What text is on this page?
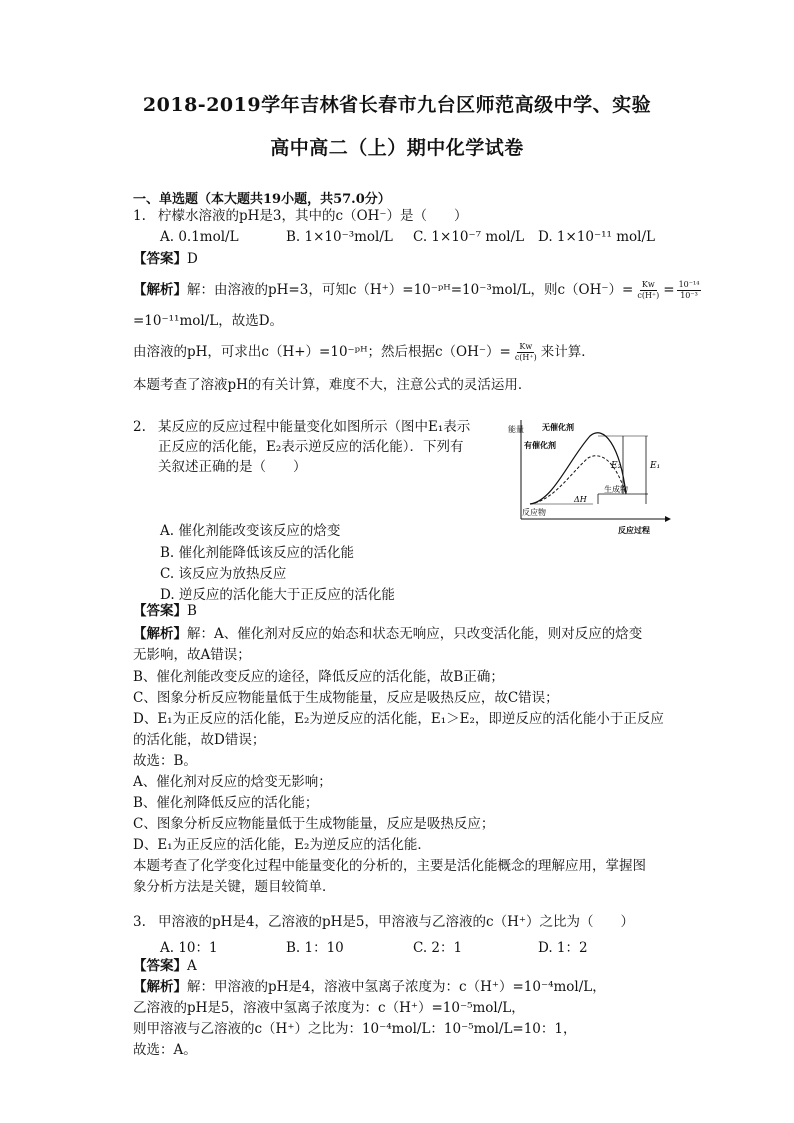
2018-2019学年吉林省长春市九台区师范高级中学、实验
高中高二（上）期中化学试卷
一、单选题（本大题共19小题，共57.0分）
1. 柠檬水溶液的pH是3，其中的c（OH⁻）是（　　）
A. 0.1mol/L	B. 1×10⁻³mol/L C. 1×10⁻⁷ mol/L D. 1×10⁻¹¹ mol/L
【答案】D
【解析】解：由溶液的pH=3，可知c（H⁺）=10⁻ᵖᴴ=10⁻³mol/L，则$c(OH^-)= \frac{Kw}{c(H^+)} = \frac{\text{10⁻¹⁴}}{\text{10⁻³}}$
=10⁻¹¹mol/L，故选D。
由溶液的pH，可求出c（H+）=10⁻ᵖᴴ；然后根据$c(OH^-)= \frac{Kw}{c(H^+)}$ 来计算．
本题考查了溶液pH的有关计算，难度不大，注意公式的灵活运用．
2. 某反应的反应过程中能量变化如图所示（图中E₁表示
正反应的活化能，E₂表示逆反应的活化能）．下列有
关叙述正确的是（　　）
能量 无催化剂
有催化剂
E₂	E₁
ΔH
生成物
反应物
反应过程
A. 催化剂能改变该反应的焓变
B. 催化剂能降低该反应的活化能
C. 该反应为放热反应
D. 逆反应的活化能大于正反应的活化能
【答案】B
【解析】解：A、催化剂对反应的始态和状态无响应，只改变活化能，则对反应的焓变
无影响，故A错误；
B、催化剂能改变反应的途径，降低反应的活化能，故B正确；
C、图象分析反应物能量低于生成物能量，反应是吸热反应，故C错误；
D、E₁为正反应的活化能，E₂为逆反应的活化能，E₁＞E₂，即逆反应的活化能小于正反应
的活化能，故D错误；
故选：B。
A、催化剂对反应的焓变无影响；
B、催化剂降低反应的活化能；
C、图象分析反应物能量低于生成物能量，反应是吸热反应；
D、E₁为正反应的活化能，E₂为逆反应的活化能．
本题考查了化学变化过程中能量变化的分析的，主要是活化能概念的理解应用，掌握图
象分析方法是关键，题目较简单．
3. 甲溶液的pH是4，乙溶液的pH是5，甲溶液与乙溶液的c（H⁺）之比为（　　）
A. 10：1	B. 1：10	C. 2：1	D. 1：2
【答案】A
【解析】解：甲溶液的pH是4，溶液中氢离子浓度为：c（H⁺）=10⁻⁴mol/L，
乙溶液的pH是5，溶液中氢离子浓度为：c（H⁺）=10⁻⁵mol/L，
则甲溶液与乙溶液的c（H⁺）之比为：10⁻⁴mol/L：10⁻⁵mol/L=10：1，
故选：A。
